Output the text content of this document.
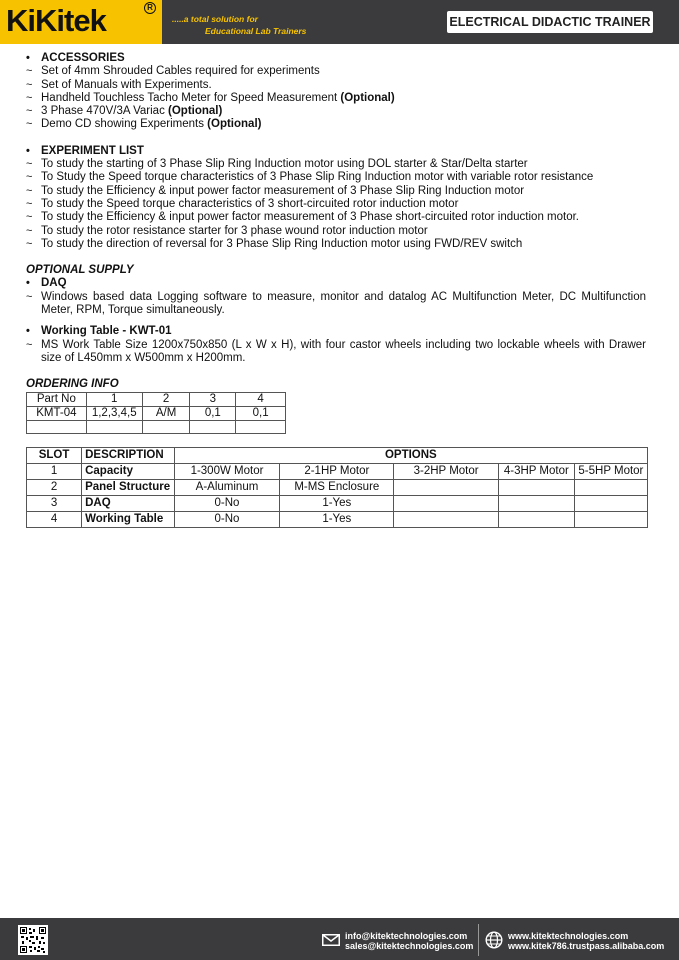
KiKitek	R
.....a total solution for
Educational Lab Trainers
ELECTRICAL DIDACTIC TRAINER
•
ACCESSORIES
~
Set of 4mm Shrouded Cables required for experiments
~
Set of Manuals with Experiments.
~
Handheld Touchless Tacho Meter for Speed Measurement (Optional)
~
3 Phase 470V/3A Variac (Optional)
~
Demo CD showing Experiments (Optional)
•
EXPERIMENT LIST
~
To study the starting of 3 Phase Slip Ring Induction motor using DOL starter & Star/Delta starter
~
To Study the Speed torque characteristics of 3 Phase Slip Ring Induction motor with variable rotor resistance
~
To study the Efficiency & input power factor measurement of 3 Phase Slip Ring Induction motor
~
To study the Speed torque characteristics of 3 short-circuited rotor induction motor
~
To study the Efficiency & input power factor measurement of 3 Phase short-circuited rotor induction motor.
~
To study the rotor resistance starter for 3 phase wound rotor induction motor
~
To study the direction of reversal for 3 Phase Slip Ring Induction motor using FWD/REV switch
OPTIONAL SUPPLY
•
DAQ
~
Windows based data Logging software to measure, monitor and datalog AC Multifunction Meter, DC Multifunction Meter, RPM, Torque simultaneously.
•
Working Table - KWT-01
~
MS Work Table Size 1200x750x850 (L x W x H), with four castor wheels including two lockable wheels with Drawer size of L450mm x W500mm x H200mm.
ORDERING INFO
Part No	1	2	3	4
KMT-04	1,2,3,4,5	A/M	0,1	0,1

SLOT	DESCRIPTION	OPTIONS				
1	Capacity	1-300W Motor	2-1HP Motor	3-2HP Motor	4-3HP Motor	5-5HP Motor
2	Panel Structure	A-Aluminum	M-MS Enclosure			
3	DAQ	0-No	1-Yes			
4	Working Table	0-No	1-Yes			
info@kitektechnologies.com
sales@kitektechnologies.com
www.kitektechnologies.com
www.kitek786.trustpass.alibaba.com
